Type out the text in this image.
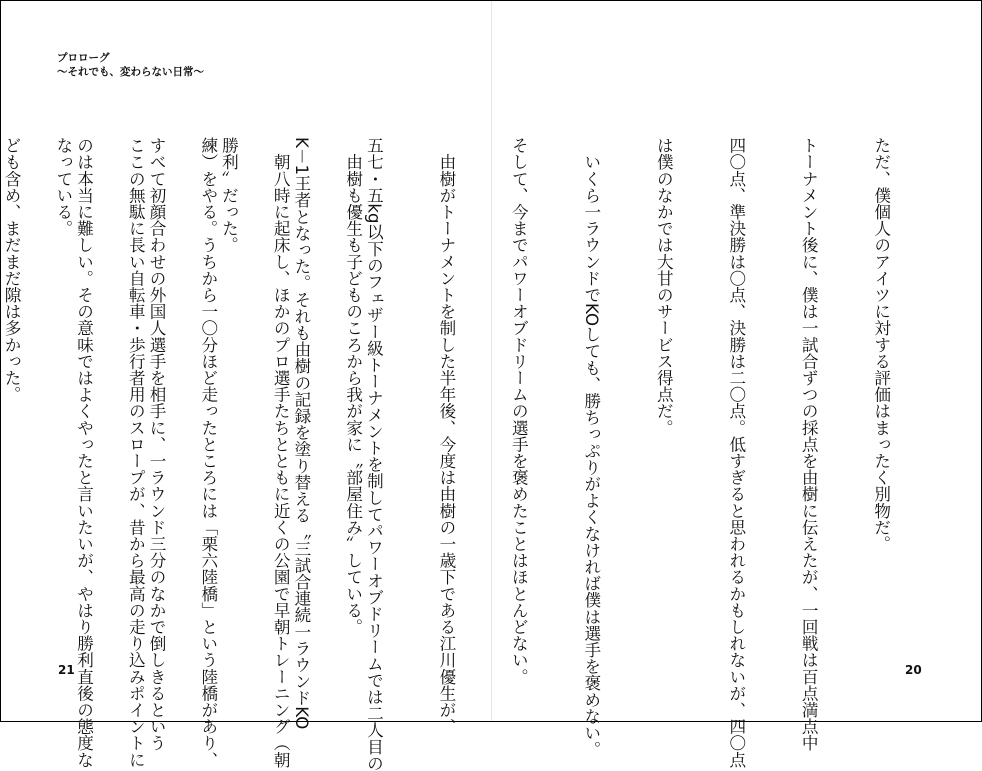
プロローグ
〜それでも、変わらない日常〜

　由樹も優生も子どものころから我が家に〝部屋住み〟している。

　朝八時に起床し、ほかのプロ選手たちとともに近くの公園で早朝トレーニング（朝

練）をやる。うちから一〇分ほど走ったところには「栗六陸橋」という陸橋があり、

ここの無駄に長い自転車・歩行者用のスロープが、昔から最高の走り込みポイントに

なっている。

	ただ、僕個人のアイツに対する評価はまったく別物だ。

トーナメント後に、僕は一試合ずつの採点を由樹に伝えたが、一回戦は百点満点中

四〇点、準決勝は〇点、決勝は二〇点。低すぎると思われるかもしれないが、四〇点

は僕のなかでは大甘のサービス得点だ。

　いくら一ラウンドでKOしても、勝ちっぷりがよくなければ僕は選手を褒めない。

そして、今までパワーオブドリームの選手を褒めたことはほとんどない。

　由樹がトーナメントを制した半年後、今度は由樹の一歳下である江川優生が、

五七・五kg以下のフェザー級トーナメントを制してパワーオブドリームでは二人目の

K－1王者となった。それも由樹の記録を塗り替える〝三試合連続一ラウンドKO

勝利〟だった。

すべて初顔合わせの外国人選手を相手に、一ラウンド三分のなかで倒しきるという

のは本当に難しい。その意味ではよくやったと言いたいが、やはり勝利直後の態度な

ども含め、まだまだ隙は多かった。

21	20
